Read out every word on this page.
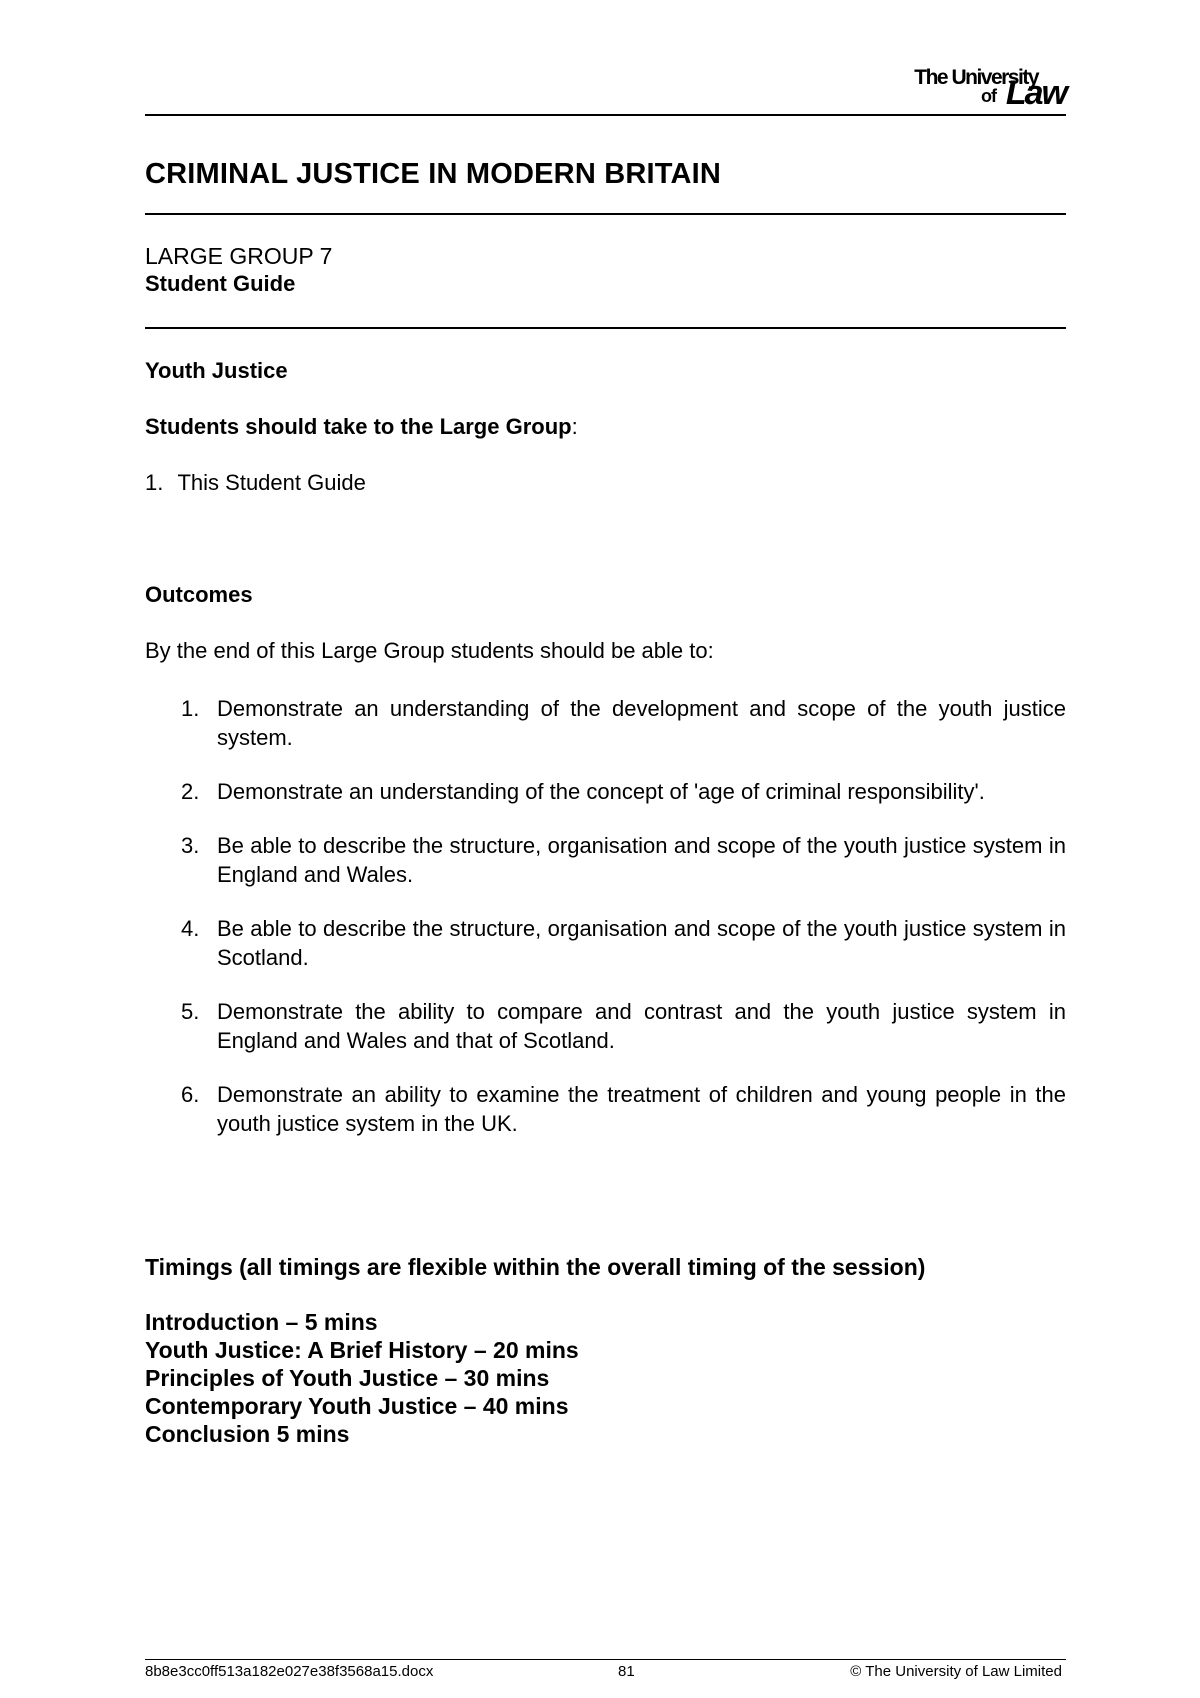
The University
of Law
CRIMINAL JUSTICE IN MODERN BRITAIN
LARGE GROUP 7
Student Guide
Youth Justice
Students should take to the Large Group:
1. This Student Guide
Outcomes
By the end of this Large Group students should be able to:
1. Demonstrate an understanding of the development and scope of the youth justice system.
2. Demonstrate an understanding of the concept of 'age of criminal responsibility'.
3. Be able to describe the structure, organisation and scope of the youth justice system in England and Wales.
4. Be able to describe the structure, organisation and scope of the youth justice system in Scotland.
5. Demonstrate the ability to compare and contrast and the youth justice system in England and Wales and that of Scotland.
6. Demonstrate an ability to examine the treatment of children and young people in the youth justice system in the UK.
Timings (all timings are flexible within the overall timing of the session)
Introduction – 5 mins
Youth Justice: A Brief History – 20 mins
Principles of Youth Justice – 30 mins
Contemporary Youth Justice – 40 mins
Conclusion 5 mins
8b8e3cc0ff513a182e027e38f3568a15.docx	81	© The University of Law Limited
